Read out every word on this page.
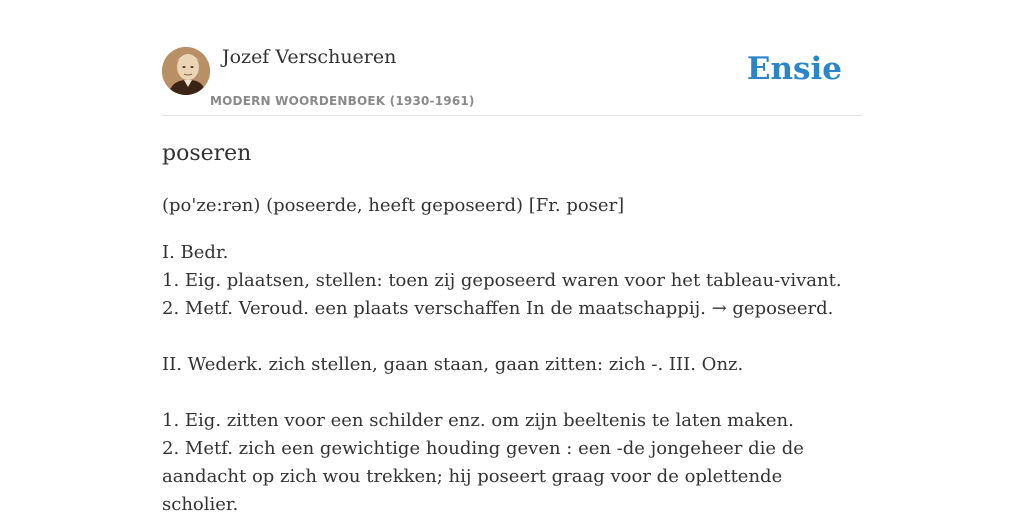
Jozef Verschueren
MODERN WOORDENBOEK (1930-1961)
Ensie
poseren
(po'ze:rən) (poseerde, heeft geposeerd) [Fr. poser]
I. Bedr.
1. Eig. plaatsen, stellen: toen zij geposeerd waren voor het tableau-vivant.
2. Metf. Veroud. een plaats verschaffen In de maatschappij. → geposeerd.
II. Wederk. zich stellen, gaan staan, gaan zitten: zich -. III. Onz.
1. Eig. zitten voor een schilder enz. om zijn beeltenis te laten maken.
2. Metf. zich een gewichtige houding geven : een -de jongeheer die de aandacht op zich wou trekken; hij poseert graag voor de oplettende scholier.
